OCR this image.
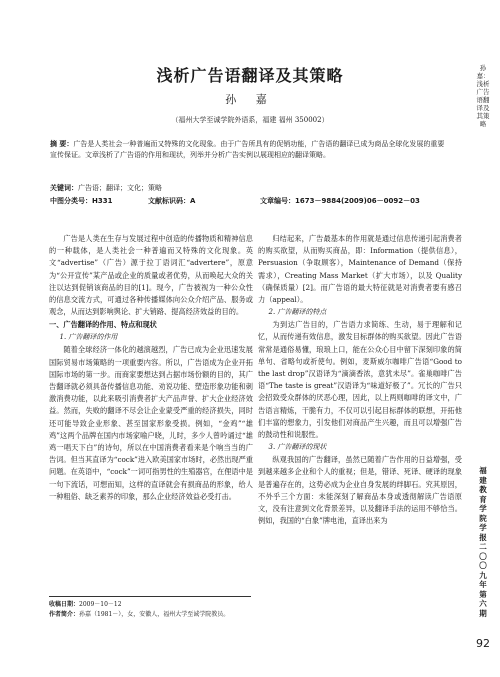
浅析广告语翻译及其策略
孙 嘉
（福州大学至诚学院外语系，福建 福州 350002）
摘 要：广告是人类社会一种普遍而又特殊的文化现象。由于广告所具有的促销功能，广告语的翻译已成为商品全球化发展的重要宣传保证。文章浅析了广告语的作用和现状，列举并分析广告实例以展现相应的翻译策略。
关键词：广告语；翻译；文化；策略
中图分类号：H331	文献标识码：A	文章编号：1673－9884(2009)06－0092－03

广告是人类在生存与发展过程中创造的传播物质和精神信息的一种载体，是人类社会一种普遍而又特殊的文化现象。英文“advertise”（广告）源于拉丁语词汇“advertere”，原意为“公开宣传”某产品或企业的质量或者优势，从而唤起大众的关注以达到促销该商品的目的[1]。现今，广告被视为一种公众性的信息交流方式，可通过各种传播媒体向公众介绍产品、服务或观念，从而达到影响舆论、扩大销路、提高经济效益的目的。

一、广告翻译的作用、特点和现状
1. 广告翻译的作用

随着全球经济一体化的越演越烈，广告已成为企业迅速发展国际贸易市场策略的一项重要内容。所以，广告语成为企业开拓国际市场的第一步。而商家要想达到占据市场份额的目的，其广告翻译就必须具备传播信息功能、劝说功能、塑造形象功能和刺激消费功能，以此来吸引消费者扩大产品声誉、扩大企业经济效益。然而，失败的翻译不尽会让企业蒙受严重的经济损失，同时还可能导致企业形象、甚至国家形象受损。例如，“金鸡”“雄鸡”这两个品牌在国内市场家喻户晓，儿时，多少人曾吟诵过“雄鸡一唱天下白”的诗句，所以在中国消费者看来是个响当当的广告词。但当其直译为“cock”进入欧美国家市场时，必然出现严重问题。在英语中，“cock”一词可指男性的生殖器官，在俚语中是一句下流话，可想而知，这样的直译就会有损商品的形象，给人一种粗俗、缺乏素养的印象，那么企业经济效益必受打击。

归结起来，广告最基本的作用就是通过信息传递引起消费者的购买欲望，从而购买商品，即：Information（提供信息），Persuasion（争取顾客），Maintenance of Demand（保持需求），Creating Mass Market（扩大市场），以及 Quality（确保质量）[2]。而广告语的最大特征就是对消费者要有感召力（appeal）。

2. 广告翻译的特点

为到达广告目的，广告语力求简练、生动，易于理解和记忆，从而传递有效信息，激发目标群体的购买欲望。因此广告语常常是通俗易懂，琅琅上口，能在公众心目中留下深刻印象的简单句、省略句或祈使句。例如，麦斯威尔咖啡广告语“Good to the last drop”汉语译为“滴滴香浓，意犹未尽”。雀巢咖啡广告语“The taste is great”汉语译为“味道好极了”。冗长的广告只会招致受众群体的厌恶心理，因此，以上两则咖啡的译文中，广告语言精炼，干脆有力，不仅可以引起目标群体的联想，开拓他们丰富的想象力，引发他们对商品产生兴趣，而且可以增强广告的鼓动性和说服性。

3. 广告翻译的现状

纵观我国的广告翻译，虽然已随着广告作用的日益增强，受到越来越多企业和个人的重视；但是，错译、死译、硬译的现象是普遍存在的，这势必成为企业自身发展的绊脚石。究其原因，不外乎三个方面：未能深刻了解商品本身或透彻解读广告语原文，没有注意到文化背景差异，以及翻译手法的运用不够恰当。例如，我国的“白象”牌电池，直译出来为

收稿日期：2009－10－12
作者简介：孙嘉（1981－），女，安徽人，福州大学至诚学院教员。
孙 嘉：浅析广告语翻译及其策略
福建教育学院学报 二〇〇九年第六期
92
